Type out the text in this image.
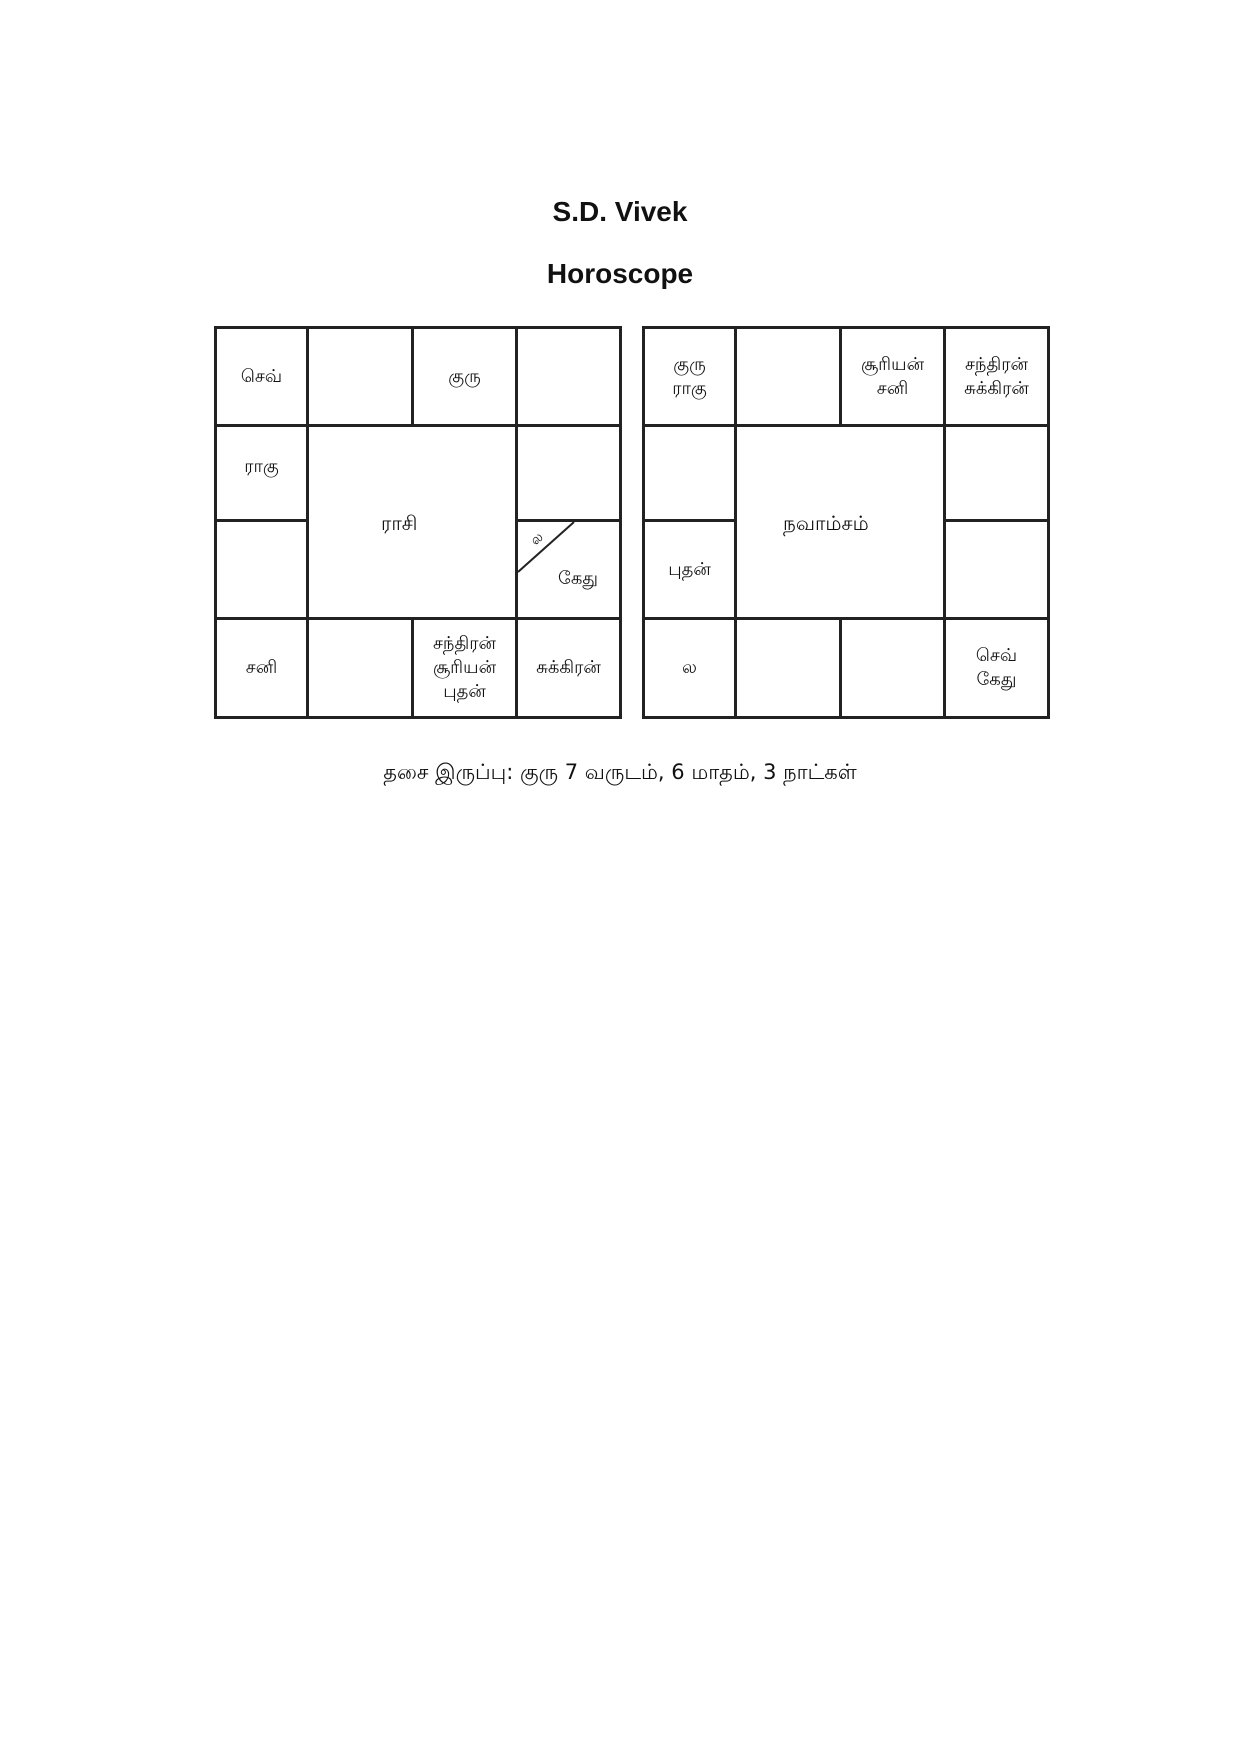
S.D. Vivek
Horoscope
செவ்	குரு
ராகு
ல
கேது
சனி
சந்திரன்
சூரியன்
புதன்
சுக்கிரன்
ராசி
குரு
ராகு
சூரியன்
சனி
சந்திரன்
சுக்கிரன்
புதன்
ல
செவ்
கேது
நவாம்சம்
தசை இருப்பு: குரு 7 வருடம், 6 மாதம், 3 நாட்கள்
